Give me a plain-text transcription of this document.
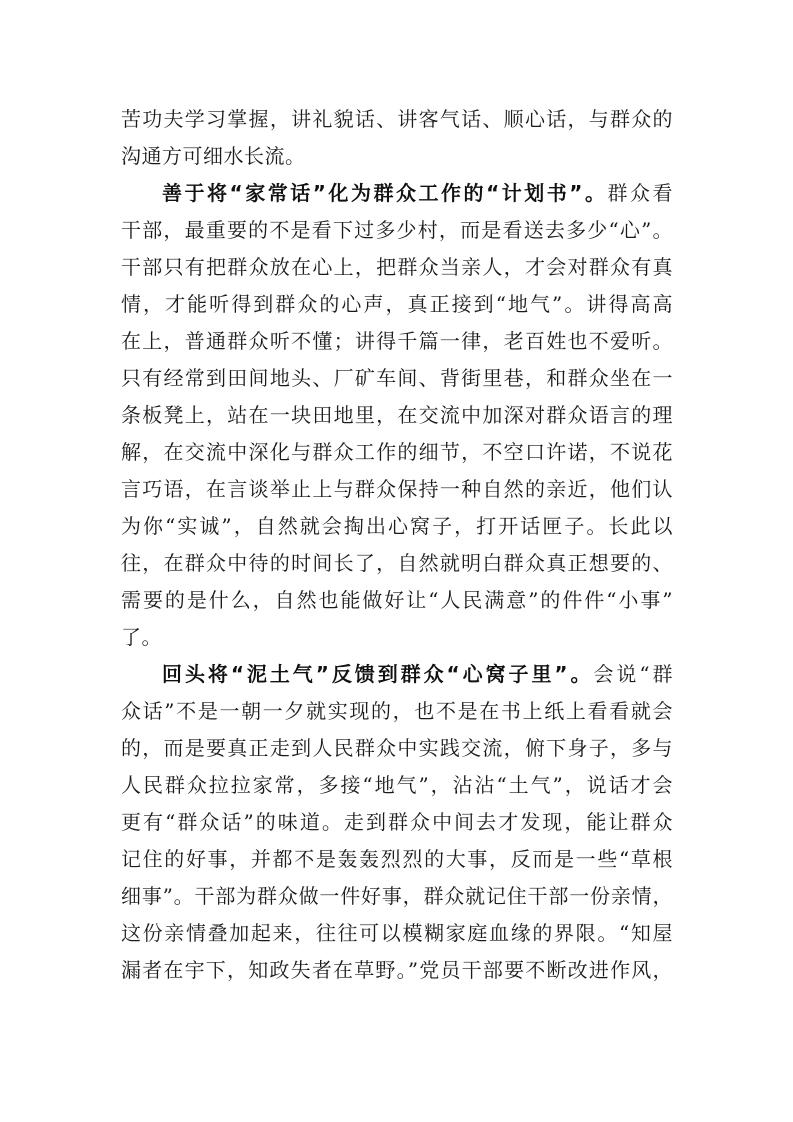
苦功夫学习掌握，讲礼貌话、讲客气话、顺心话，与群众的
沟通方可细水长流。
善于将“家常话”化为群众工作的“计划书”。群众看
干部，最重要的不是看下过多少村，而是看送去多少“心”。
干部只有把群众放在心上，把群众当亲人，才会对群众有真
情，才能听得到群众的心声，真正接到“地气”。讲得高高
在上，普通群众听不懂；讲得千篇一律，老百姓也不爱听。
只有经常到田间地头、厂矿车间、背街里巷，和群众坐在一
条板凳上，站在一块田地里，在交流中加深对群众语言的理
解，在交流中深化与群众工作的细节，不空口许诺，不说花
言巧语，在言谈举止上与群众保持一种自然的亲近，他们认
为你“实诚”，自然就会掏出心窝子，打开话匣子。长此以
往，在群众中待的时间长了，自然就明白群众真正想要的、
需要的是什么，自然也能做好让“人民满意”的件件“小事”
了。
回头将“泥土气”反馈到群众“心窝子里”。会说“群
众话”不是一朝一夕就实现的，也不是在书上纸上看看就会
的，而是要真正走到人民群众中实践交流，俯下身子，多与
人民群众拉拉家常，多接“地气”，沾沾“土气”，说话才会
更有“群众话”的味道。走到群众中间去才发现，能让群众
记住的好事，并都不是轰轰烈烈的大事，反而是一些“草根
细事”。干部为群众做一件好事，群众就记住干部一份亲情，
这份亲情叠加起来，往往可以模糊家庭血缘的界限。“知屋
漏者在宇下，知政失者在草野。”党员干部要不断改进作风，
